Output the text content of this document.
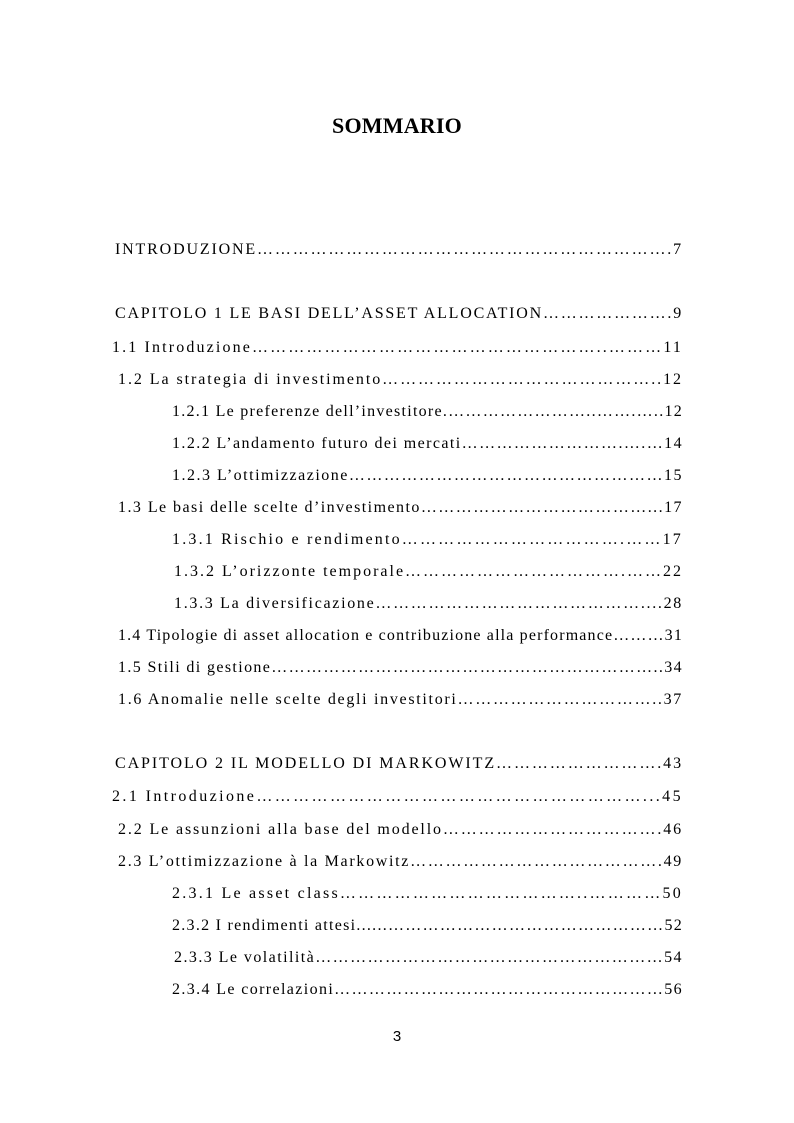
SOMMARIO
INTRODUZIONE…………………………………………………………….7
CAPITOLO 1 LE BASI DELL’ASSET ALLOCATION………………….9
1.1 Introduzione…………………………………………………..………11
1.2 La strategia di investimento………………………………………..12
1.2.1 Le preferenze dell’investitore.……………………..…….…..12
1.2.2 L’andamento futuro dei mercati……………………….….…14
1.2.3 L’ottimizzazione………………………………………………15
1.3 Le basi delle scelte d’investimento…………………………………...17
1.3.1 Rischio e rendimento……………………………….……17
1.3.2 L’orizzonte temporale……………………………….……22
1.3.3 La diversificazione………………………………………....28
1.4 Tipologie di asset allocation e contribuzione alla performance………31
1.5 Stili di gestione…………………………………………………………..34
1.6 Anomalie nelle scelte degli investitori……………………………..37
CAPITOLO 2 IL MODELLO DI MARKOWITZ……………………….43
2.1 Introduzione………………………………………………………...45
2.2 Le assunzioni alla base del modello……………………………….46
2.3 L’ottimizzazione à la Markowitz…………………………………….49
2.3.1 Le asset class…………………………………..…………50
2.3.2 I rendimenti attesi......…………………………………………52
2.3.3 Le volatilità……………………………………………………54
2.3.4 Le correlazioni…………………………………………………56
3
